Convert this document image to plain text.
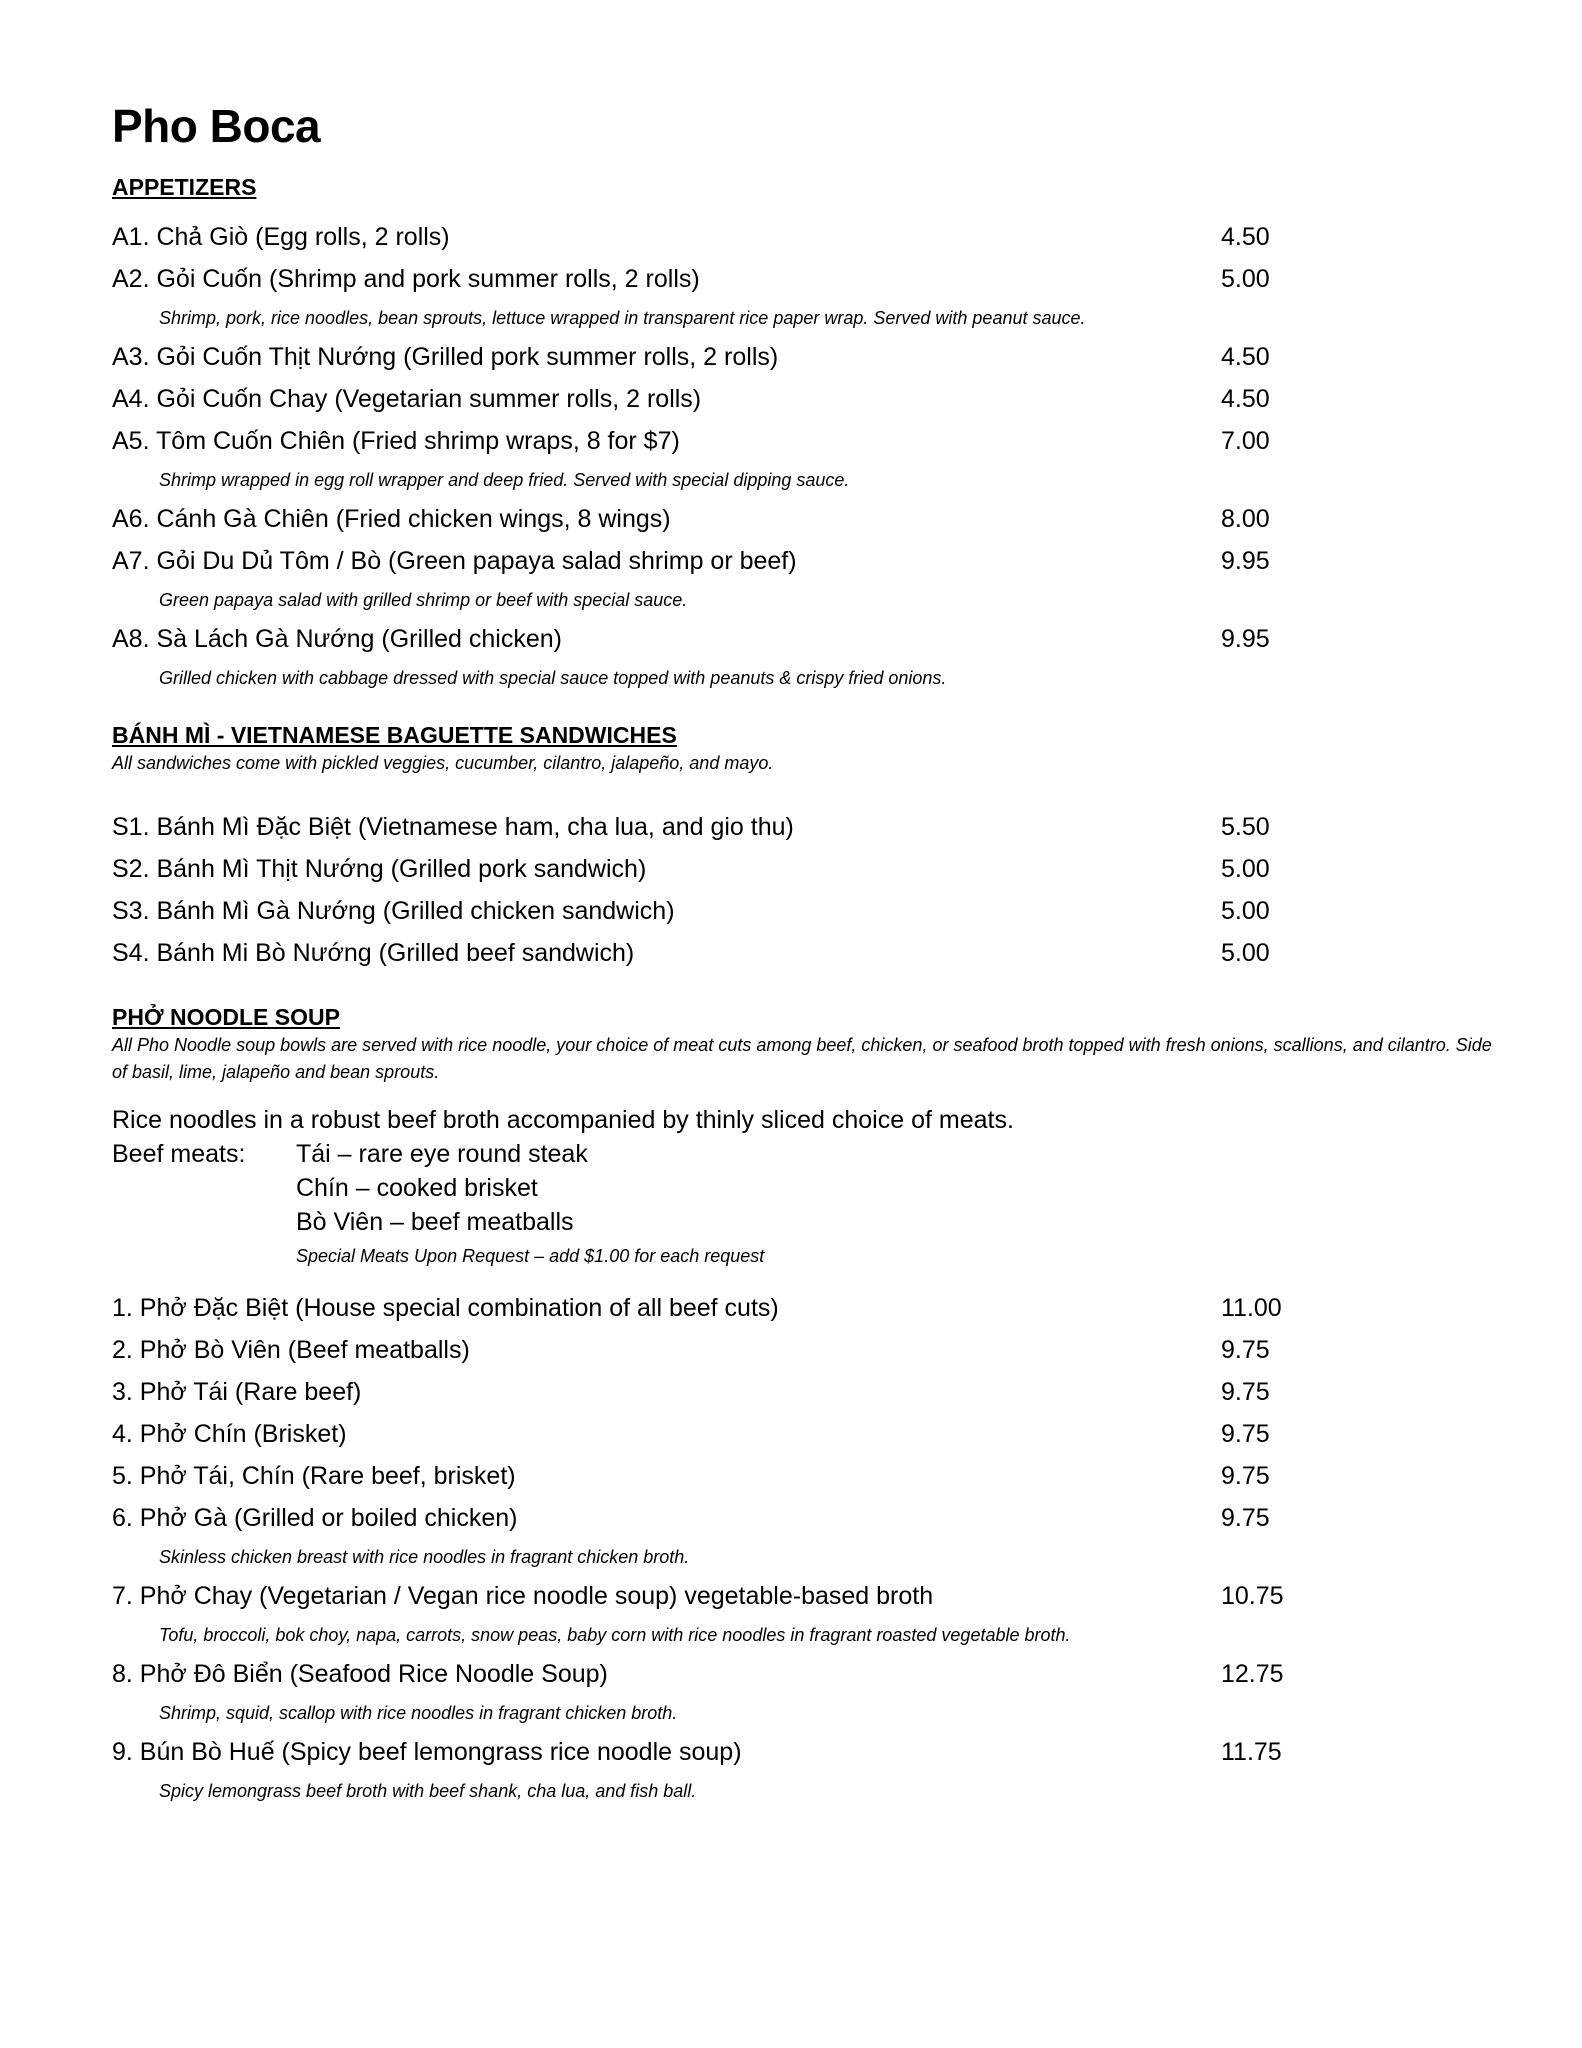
Pho Boca
APPETIZERS
A1. Chả Giò (Egg rolls, 2 rolls)	4.50
A2. Gỏi Cuốn (Shrimp and pork summer rolls, 2 rolls)	5.00
Shrimp, pork, rice noodles, bean sprouts, lettuce wrapped in transparent rice paper wrap. Served with peanut sauce.
A3. Gỏi Cuốn Thịt Nướng (Grilled pork summer rolls, 2 rolls)	4.50
A4. Gỏi Cuốn Chay (Vegetarian summer rolls, 2 rolls)	4.50
A5. Tôm Cuốn Chiên (Fried shrimp wraps, 8 for $7)	7.00
Shrimp wrapped in egg roll wrapper and deep fried. Served with special dipping sauce.
A6. Cánh Gà Chiên (Fried chicken wings, 8 wings)	8.00
A7. Gỏi Du Dủ Tôm / Bò (Green papaya salad shrimp or beef)	9.95
Green papaya salad with grilled shrimp or beef with special sauce.
A8. Sà Lách Gà Nướng (Grilled chicken)	9.95
Grilled chicken with cabbage dressed with special sauce topped with peanuts & crispy fried onions.
BÁNH MÌ - VIETNAMESE BAGUETTE SANDWICHES
All sandwiches come with pickled veggies, cucumber, cilantro, jalapeño, and mayo.
S1. Bánh Mì Đặc Biệt (Vietnamese ham, cha lua, and gio thu)	5.50
S2. Bánh Mì Thịt Nướng (Grilled pork sandwich)	5.00
S3. Bánh Mì Gà Nướng (Grilled chicken sandwich)	5.00
S4. Bánh Mi Bò Nướng (Grilled beef sandwich)	5.00
PHỞ NOODLE SOUP
All Pho Noodle soup bowls are served with rice noodle, your choice of meat cuts among beef, chicken, or seafood broth topped with fresh onions, scallions, and cilantro. Side of basil, lime, jalapeño and bean sprouts.
Rice noodles in a robust beef broth accompanied by thinly sliced choice of meats.
Beef meats: Tái – rare eye round steak
Chín – cooked brisket
Bò Viên – beef meatballs
Special Meats Upon Request – add $1.00 for each request
1. Phở Đặc Biệt (House special combination of all beef cuts)	11.00
2. Phở Bò Viên (Beef meatballs)	9.75
3. Phở Tái (Rare beef)	9.75
4. Phở Chín (Brisket)	9.75
5. Phở Tái, Chín (Rare beef, brisket)	9.75
6. Phở Gà (Grilled or boiled chicken)	9.75
Skinless chicken breast with rice noodles in fragrant chicken broth.
7. Phở Chay (Vegetarian / Vegan rice noodle soup) vegetable-based broth	10.75
Tofu, broccoli, bok choy, napa, carrots, snow peas, baby corn with rice noodles in fragrant roasted vegetable broth.
8. Phở Đô Biển (Seafood Rice Noodle Soup)	12.75
Shrimp, squid, scallop with rice noodles in fragrant chicken broth.
9. Bún Bò Huế (Spicy beef lemongrass rice noodle soup)	11.75
Spicy lemongrass beef broth with beef shank, cha lua, and fish ball.
